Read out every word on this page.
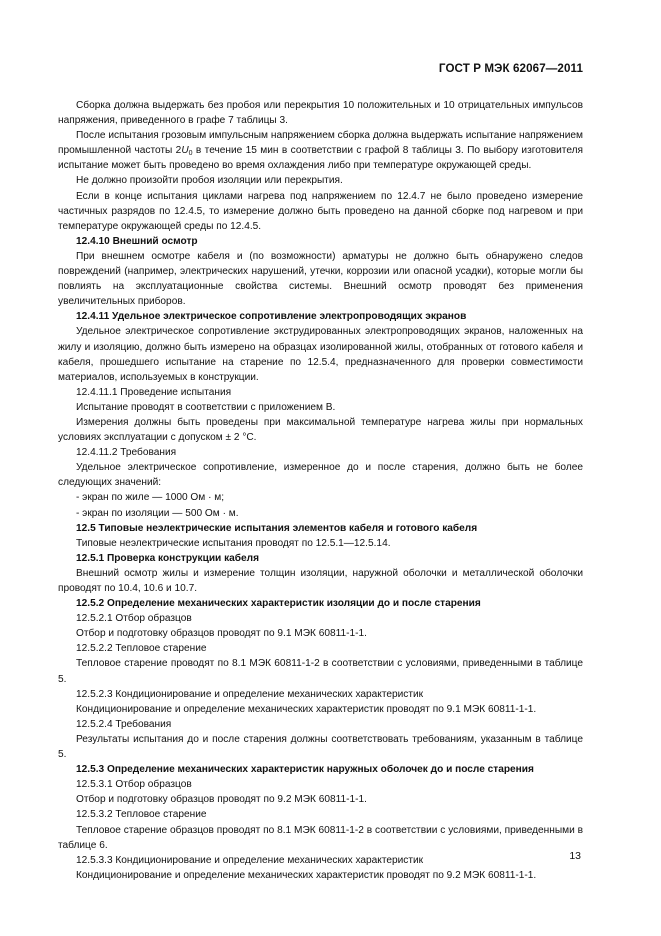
ГОСТ Р МЭК 62067—2011

Сборка должна выдержать без пробоя или перекрытия 10 положительных и 10 отрицательных импульсов напряжения, приведенного в графе 7 таблицы 3.

После испытания грозовым импульсным напряжением сборка должна выдержать испытание напряжением промышленной частоты $2U_0$ в течение 15 мин в соответствии с графой 8 таблицы 3. По выбору изготовителя испытание может быть проведено во время охлаждения либо при температуре окружающей среды.

Не должно произойти пробоя изоляции или перекрытия.

Если в конце испытания циклами нагрева под напряжением по 12.4.7 не было проведено измерение частичных разрядов по 12.4.5, то измерение должно быть проведено на данной сборке под нагревом и при температуре окружающей среды по 12.4.5.

12.4.10 Внешний осмотр

При внешнем осмотре кабеля и (по возможности) арматуры не должно быть обнаружено следов повреждений (например, электрических нарушений, утечки, коррозии или опасной усадки), которые могли бы повлиять на эксплуатационные свойства системы. Внешний осмотр проводят без применения увеличительных приборов.

12.4.11 Удельное электрическое сопротивление электропроводящих экранов

Удельное электрическое сопротивление экструдированных электропроводящих экранов, наложенных на жилу и изоляцию, должно быть измерено на образцах изолированной жилы, отобранных от готового кабеля и кабеля, прошедшего испытание на старение по 12.5.4, предназначенного для проверки совместимости материалов, используемых в конструкции.

12.4.11.1 Проведение испытания

Испытание проводят в соответствии с приложением В.

Измерения должны быть проведены при максимальной температуре нагрева жилы при нормальных условиях эксплуатации с допуском ± 2 °С.

12.4.11.2 Требования

Удельное электрическое сопротивление, измеренное до и после старения, должно быть не более следующих значений:

- экран по жиле — 1000 Ом · м;

- экран по изоляции — 500 Ом · м.

12.5 Типовые неэлектрические испытания элементов кабеля и готового кабеля

Типовые неэлектрические испытания проводят по 12.5.1—12.5.14.

12.5.1 Проверка конструкции кабеля

Внешний осмотр жилы и измерение толщин изоляции, наружной оболочки и металлической оболочки проводят по 10.4, 10.6 и 10.7.

12.5.2 Определение механических характеристик изоляции до и после старения

12.5.2.1 Отбор образцов

Отбор и подготовку образцов проводят по 9.1 МЭК 60811-1-1.

12.5.2.2 Тепловое старение

Тепловое старение проводят по 8.1 МЭК 60811-1-2 в соответствии с условиями, приведенными в таблице 5.

12.5.2.3 Кондиционирование и определение механических характеристик

Кондиционирование и определение механических характеристик проводят по 9.1 МЭК 60811-1-1.

12.5.2.4 Требования

Результаты испытания до и после старения должны соответствовать требованиям, указанным в таблице 5.

12.5.3 Определение механических характеристик наружных оболочек до и после старения

12.5.3.1 Отбор образцов

Отбор и подготовку образцов проводят по 9.2 МЭК 60811-1-1.

12.5.3.2 Тепловое старение

Тепловое старение образцов проводят по 8.1 МЭК 60811-1-2 в соответствии с условиями, приведенными в таблице 6.

12.5.3.3 Кондиционирование и определение механических характеристик

Кондиционирование и определение механических характеристик проводят по 9.2 МЭК 60811-1-1.

13
